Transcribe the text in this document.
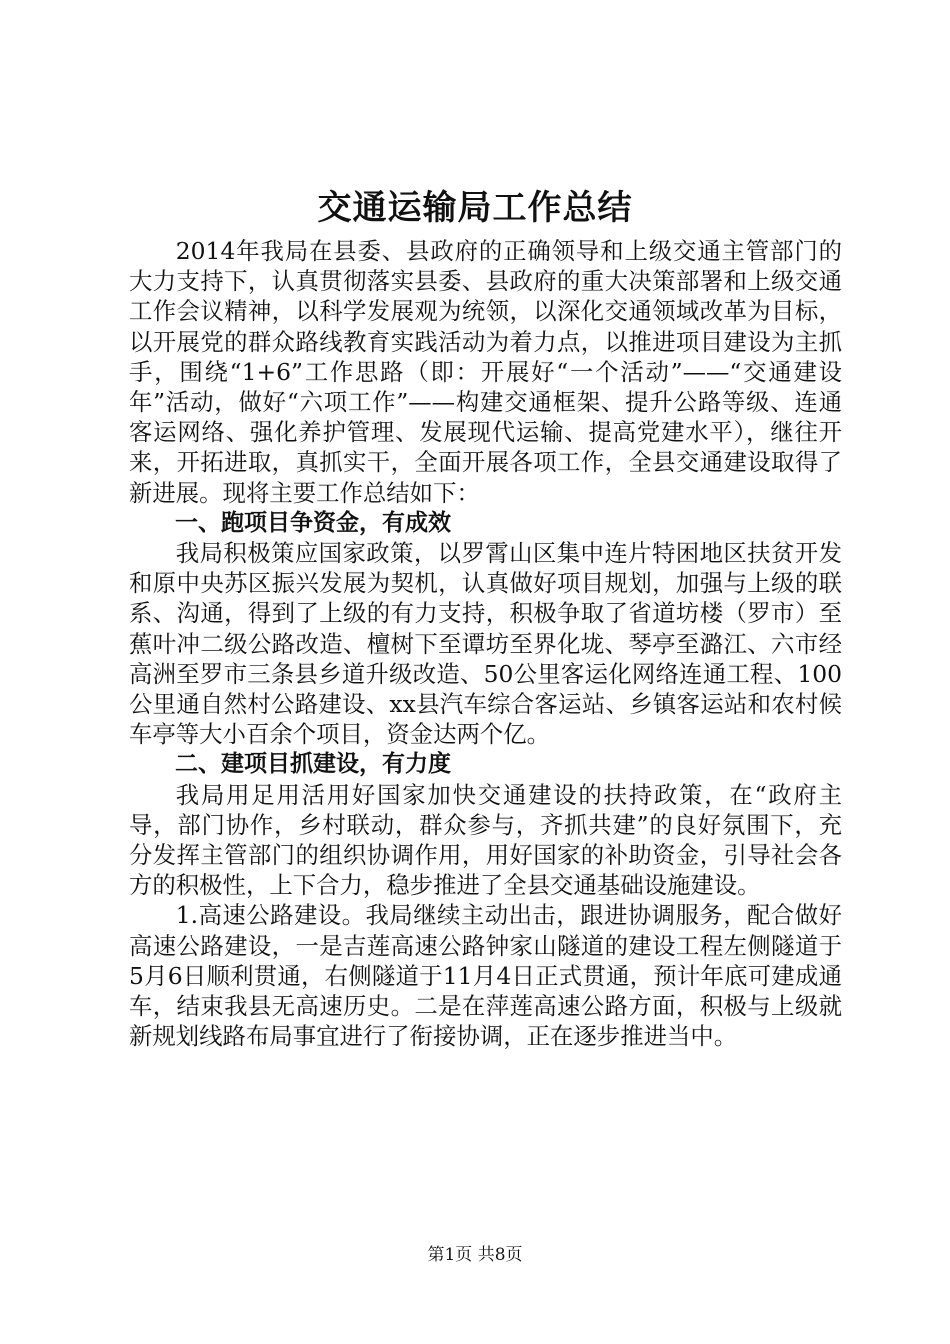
交通运输局工作总结

2014年我局在县委、县政府的正确领导和上级交通主管部门的大力支持下，认真贯彻落实县委、县政府的重大决策部署和上级交通工作会议精神，以科学发展观为统领，以深化交通领域改革为目标，以开展党的群众路线教育实践活动为着力点，以推进项目建设为主抓手，围绕“1+6”工作思路（即：开展好“一个活动”——“交通建设年”活动，做好“六项工作”——构建交通框架、提升公路等级、连通客运网络、强化养护管理、发展现代运输、提高党建水平），继往开来，开拓进取，真抓实干，全面开展各项工作，全县交通建设取得了新进展。现将主要工作总结如下：

一、跑项目争资金，有成效

我局积极策应国家政策，以罗霄山区集中连片特困地区扶贫开发和原中央苏区振兴发展为契机，认真做好项目规划，加强与上级的联系、沟通，得到了上级的有力支持，积极争取了省道坊楼（罗市）至蕉叶冲二级公路改造、檀树下至谭坊至界化垅、琴亭至潞江、六市经高洲至罗市三条县乡道升级改造、50公里客运化网络连通工程、100公里通自然村公路建设、xx县汽车综合客运站、乡镇客运站和农村候车亭等大小百余个项目，资金达两个亿。

二、建项目抓建设，有力度

我局用足用活用好国家加快交通建设的扶持政策，在“政府主导，部门协作，乡村联动，群众参与，齐抓共建”的良好氛围下，充分发挥主管部门的组织协调作用，用好国家的补助资金，引导社会各方的积极性，上下合力，稳步推进了全县交通基础设施建设。

1.高速公路建设。我局继续主动出击，跟进协调服务，配合做好高速公路建设，一是吉莲高速公路钟家山隧道的建设工程左侧隧道于5月6日顺利贯通，右侧隧道于11月4日正式贯通，预计年底可建成通车，结束我县无高速历史。二是在萍莲高速公路方面，积极与上级就新规划线路布局事宜进行了衔接协调，正在逐步推进当中。

第1页 共8页
